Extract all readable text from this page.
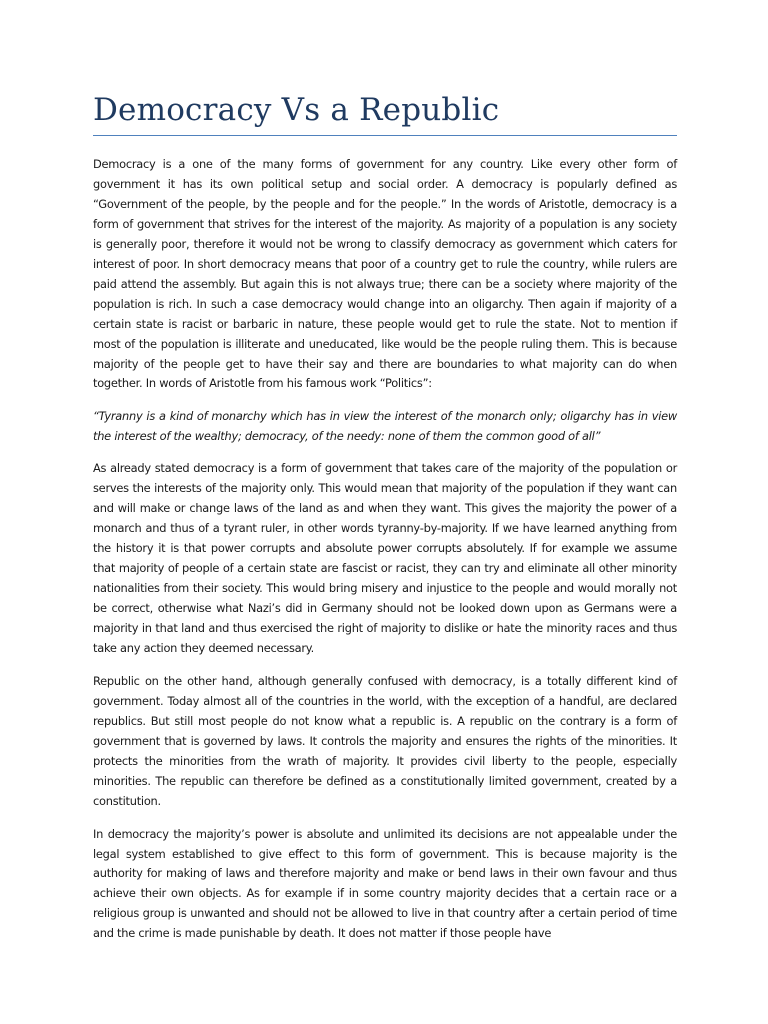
Democracy Vs a Republic

Democracy is a one of the many forms of government for any country. Like every other form of government it has its own political setup and social order. A democracy is popularly defined as “Government of the people, by the people and for the people.” In the words of Aristotle, democracy is a form of government that strives for the interest of the majority. As majority of a population is any society is generally poor, therefore it would not be wrong to classify democracy as government which caters for interest of poor. In short democracy means that poor of a country get to rule the country, while rulers are paid attend the assembly. But again this is not always true; there can be a society where majority of the population is rich. In such a case democracy would change into an oligarchy. Then again if majority of a certain state is racist or barbaric in nature, these people would get to rule the state. Not to mention if most of the population is illiterate and uneducated, like would be the people ruling them. This is because majority of the people get to have their say and there are boundaries to what majority can do when together. In words of Aristotle from his famous work “Politics”:

“Tyranny is a kind of monarchy which has in view the interest of the monarch only; oligarchy has in view the interest of the wealthy; democracy, of the needy: none of them the common good of all”

As already stated democracy is a form of government that takes care of the majority of the population or serves the interests of the majority only. This would mean that majority of the population if they want can and will make or change laws of the land as and when they want. This gives the majority the power of a monarch and thus of a tyrant ruler, in other words tyranny-by-majority. If we have learned anything from the history it is that power corrupts and absolute power corrupts absolutely. If for example we assume that majority of people of a certain state are fascist or racist, they can try and eliminate all other minority nationalities from their society. This would bring misery and injustice to the people and would morally not be correct, otherwise what Nazi’s did in Germany should not be looked down upon as Germans were a majority in that land and thus exercised the right of majority to dislike or hate the minority races and thus take any action they deemed necessary.

Republic on the other hand, although generally confused with democracy, is a totally different kind of government. Today almost all of the countries in the world, with the exception of a handful, are declared republics. But still most people do not know what a republic is. A republic on the contrary is a form of government that is governed by laws. It controls the majority and ensures the rights of the minorities. It protects the minorities from the wrath of majority. It provides civil liberty to the people, especially minorities. The republic can therefore be defined as a constitutionally limited government, created by a constitution.

In democracy the majority’s power is absolute and unlimited its decisions are not appealable under the legal system established to give effect to this form of government. This is because majority is the authority for making of laws and therefore majority and make or bend laws in their own favour and thus achieve their own objects. As for example if in some country majority decides that a certain race or a religious group is unwanted and should not be allowed to live in that country after a certain period of time and the crime is made punishable by death. It does not matter if those people have
